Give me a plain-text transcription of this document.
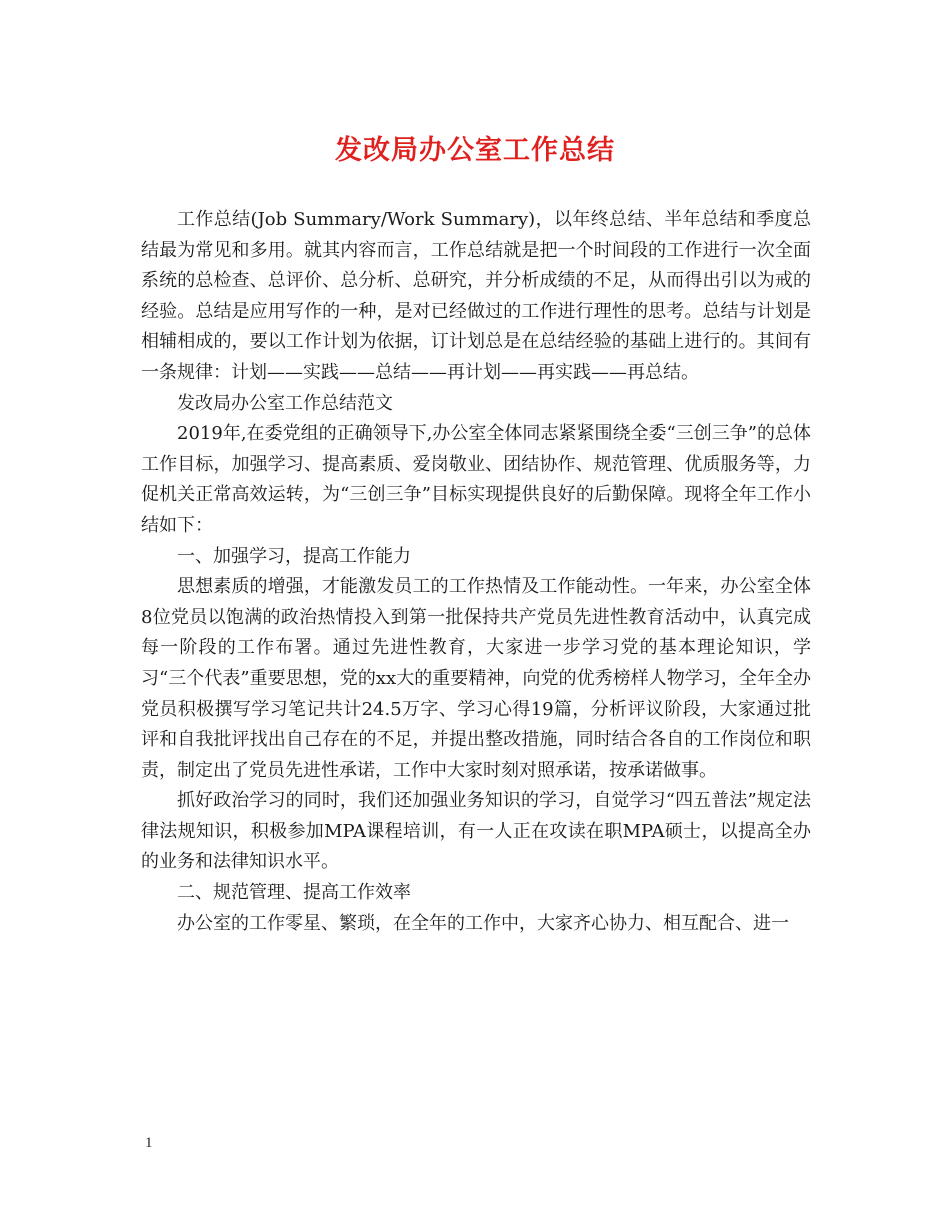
发改局办公室工作总结

工作总结(Job Summary/Work Summary)，以年终总结、半年总结和季度总结最为常见和多用。就其内容而言，工作总结就是把一个时间段的工作进行一次全面系统的总检查、总评价、总分析、总研究，并分析成绩的不足，从而得出引以为戒的经验。总结是应用写作的一种，是对已经做过的工作进行理性的思考。总结与计划是相辅相成的，要以工作计划为依据，订计划总是在总结经验的基础上进行的。其间有一条规律：计划——实践——总结——再计划——再实践——再总结。

发改局办公室工作总结范文

2019年,在委党组的正确领导下,办公室全体同志紧紧围绕全委“三创三争”的总体工作目标，加强学习、提高素质、爱岗敬业、团结协作、规范管理、优质服务等，力促机关正常高效运转，为“三创三争”目标实现提供良好的后勤保障。现将全年工作小结如下：

一、加强学习，提高工作能力

思想素质的增强，才能激发员工的工作热情及工作能动性。一年来，办公室全体8位党员以饱满的政治热情投入到第一批保持共产党员先进性教育活动中，认真完成每一阶段的工作布署。通过先进性教育，大家进一步学习党的基本理论知识，学习“三个代表”重要思想，党的xx大的重要精神，向党的优秀榜样人物学习，全年全办党员积极撰写学习笔记共计24.5万字、学习心得19篇，分析评议阶段，大家通过批评和自我批评找出自己存在的不足，并提出整改措施，同时结合各自的工作岗位和职责，制定出了党员先进性承诺，工作中大家时刻对照承诺，按承诺做事。

抓好政治学习的同时，我们还加强业务知识的学习，自觉学习“四五普法”规定法律法规知识，积极参加MPA课程培训，有一人正在攻读在职MPA硕士，以提高全办的业务和法律知识水平。

二、规范管理、提高工作效率

办公室的工作零星、繁琐，在全年的工作中，大家齐心协力、相互配合、进一

1
